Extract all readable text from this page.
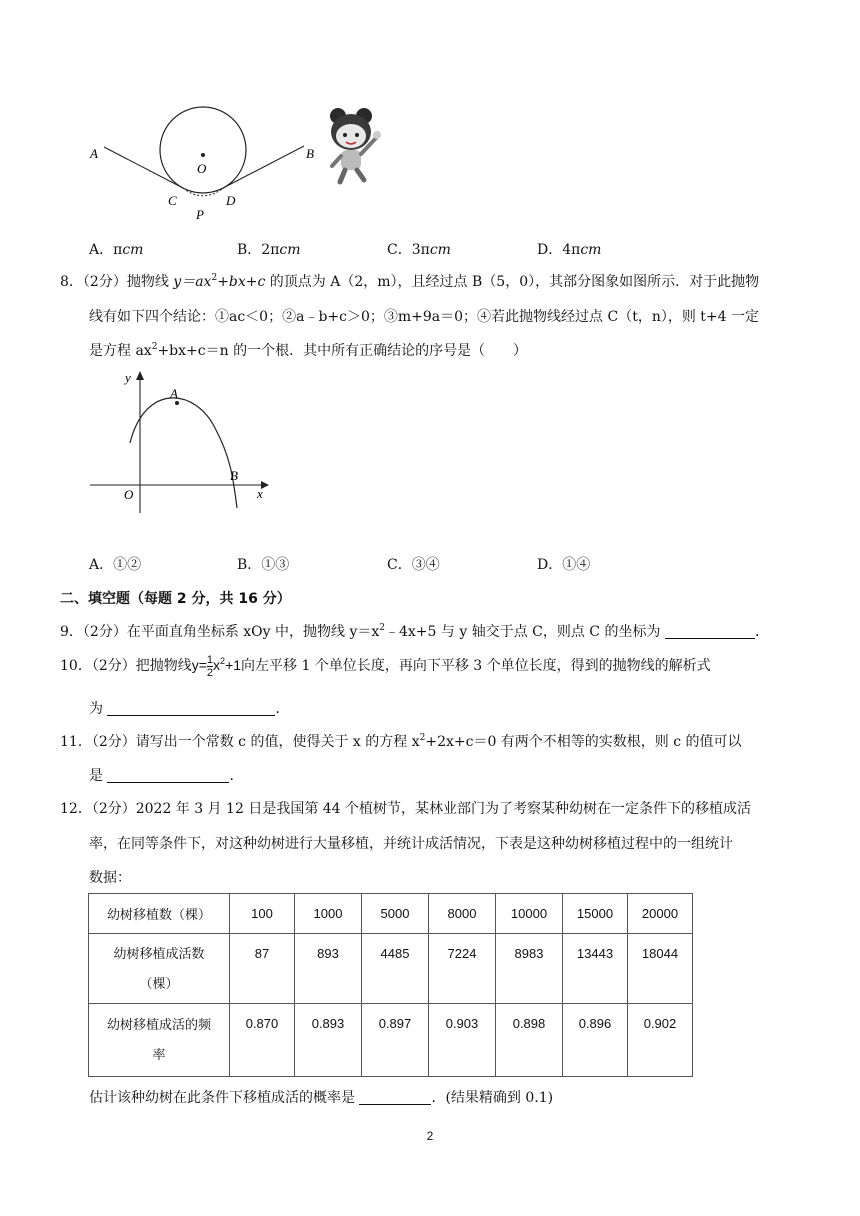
A	B
O
C	D
P
A．πcm	B．2πcm	C．3πcm	D．4πcm
8．（2分）抛物线 $y=ax^2+bx+c$ 的顶点为 A（2，m），且经过点 B（5，0），其部分图象如图所示．对于此抛物
线有如下四个结论：①ac＜0；②a﹣b+c＞0；③m+9a＝0；④若此抛物线经过点 C（t，n），则 t+4 一定
是方程 $ax^2+bx+c=n$ 的一个根．其中所有正确结论的序号是（　　）
y
A
O
B
x
A．①②	B．①③	C．③④	D．①④
二、填空题（每题 2 分，共 16 分）
9．（2分）在平面直角坐标系 xOy 中，抛物线 $y=x^2﹣4x+5$ 与 y 轴交于点 C，则点 C 的坐标为	．
10．（2分）把抛物线$y= \frac{1}{2} x^2+1$向左平移 1 个单位长度，再向下平移 3 个单位长度，得到的抛物线的解析式
为	．
11．（2分）请写出一个常数 c 的值，使得关于 x 的方程 $x^2+2x+c=0$ 有两个不相等的实数根，则 c 的值可以
是	．
12．（2分）2022 年 3 月 12 日是我国第 44 个植树节，某林业部门为了考察某种幼树在一定条件下的移植成活
率，在同等条件下，对这种幼树进行大量移植，并统计成活情况，下表是这种幼树移植过程中的一组统计
数据：
幼树移植数（棵）	100	1000	5000	8000	10000	15000	20000
幼树移植成活数
（棵）	87	893	4485	7224	8983	13443	18044
幼树移植成活的频
率	0.870	0.893	0.897	0.903	0.898	0.896	0.902
估计该种幼树在此条件下移植成活的概率是	．(结果精确到 0.1)
2
